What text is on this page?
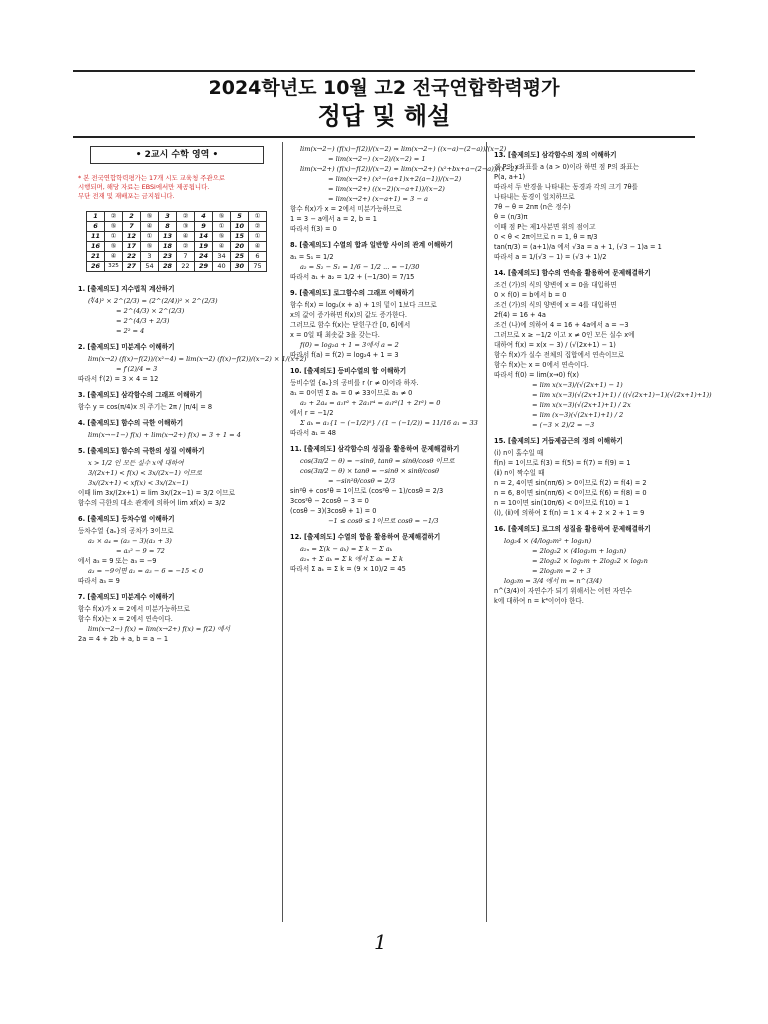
2024학년도 10월 고2 전국연합학력평가
정답 및 해설
• 2교시 수학 영역 •
* 본 전국연합학력평가는 17개 시도 교육청 주관으로
시행되며, 해당 자료는 EBSi에서만 제공됩니다.
무단 전재 및 재배포는 금지됩니다.
1	②	2	⑤	3	②	4	⑤	5	①
6	⑤	7	④	8	③	9	①	10	②
11	①	12	①	13	④	14	⑤	15	①
16	⑤	17	⑤	18	②	19	④	20	④
21	④	22	3	23	7	24	34	25	6
26	325	27	54	28	22	29	40	30	75
1. [출제의도] 지수법칙 계산하기
(∜4)² × 2^(2/3) = (2^(2/4))² × 2^(2/3)
= 2^(4/3) × 2^(2/3)
= 2^(4/3 + 2/3)
= 2² = 4
2. [출제의도] 미분계수 이해하기
lim(x→2) (f(x)−f(2))/(x²−4) = lim(x→2) (f(x)−f(2))/(x−2) × 1/(x+2)
= f′(2)/4 = 3
따라서 f′(2) = 3 × 4 = 12
3. [출제의도] 삼각함수의 그래프 이해하기
함수 y = cos(π/4)x 의 주기는 2π / |π/4| = 8
4. [출제의도] 함수의 극한 이해하기
lim(x→−1−) f(x) + lim(x→2+) f(x) = 3 + 1 = 4
5. [출제의도] 함수의 극한의 성질 이해하기
x > 1/2 인 모든 실수 x에 대하여
3/(2x+1) < f(x) < 3x/(2x−1) 이므로
3x/(2x+1) < xf(x) < 3x/(2x−1)
이때 lim 3x/(2x+1) = lim 3x/(2x−1) = 3/2 이므로
함수의 극한의 대소 관계에 의하여 lim xf(x) = 3/2
6. [출제의도] 등차수열 이해하기
등차수열 {aₙ}의 공차가 3이므로
a₂ × a₄ = (a₃ − 3)(a₃ + 3)
= a₃² − 9 = 72
에서 a₃ = 9 또는 a₃ = −9
a₃ = −9이면 a₁ = a₃ − 6 = −15 < 0
따라서 a₃ = 9
7. [출제의도] 미분계수 이해하기
함수 f(x)가 x = 2에서 미분가능하므로
함수 f(x)는 x = 2에서 연속이다.
lim(x→2−) f(x) = lim(x→2+) f(x) = f(2) 에서
2a = 4 + 2b + a, b = a − 1
lim(x→2−) (f(x)−f(2))/(x−2) = lim(x→2−) ((x−a)−(2−a))/(x−2)
= lim(x→2−) (x−2)/(x−2) = 1
lim(x→2+) (f(x)−f(2))/(x−2) = lim(x→2+) (x²+bx+a−(2−a))/(x−2)
= lim(x→2+) (x²−(a+1)x+2(a−1))/(x−2)
= lim(x→2+) ((x−2)(x−a+1))/(x−2)
= lim(x→2+) (x−a+1) = 3 − a
함수 f(x)가 x = 2에서 미분가능하므로
1 = 3 − a에서 a = 2, b = 1
따라서 f(3) = 0
8. [출제의도] 수열의 합과 일반항 사이의 관계 이해하기
a₁ = S₁ = 1/2
a₂ = S₂ − S₁ = 1/6 − 1/2 ... = −1/30
따라서 a₁ + a₂ = 1/2 + (−1/30) = 7/15
9. [출제의도] 로그함수의 그래프 이해하기
함수 f(x) = log₂(x + a) + 1의 밑이 1보다 크므로
x의 값이 증가하면 f(x)의 값도 증가한다.
그러므로 함수 f(x)는 닫힌구간 [0, 6]에서
x = 0일 때 최솟값 3을 갖는다.
f(0) = log₂a + 1 = 3에서 a = 2
따라서 f(a) = f(2) = log₂4 + 1 = 3
10. [출제의도] 등비수열의 합 이해하기
등비수열 {aₙ}의 공비를 r (r ≠ 0)이라 하자.
a₁ = 0이면 Σ aₖ = 0 ≠ 33이므로 a₁ ≠ 0
a₂ + 2a₄ = a₁r² + 2a₁r⁴ = a₁r²(1 + 2r²) = 0
에서 r = −1/2
Σ aₖ = a₁{1 − (−1/2)⁵} / (1 − (−1/2)) = 11/16 a₁ = 33
따라서 a₁ = 48
11. [출제의도] 삼각함수의 성질을 활용하여 문제해결하기
cos(3π/2 − θ) = −sinθ, tanθ = sinθ/cosθ 이므로
cos(3π/2 − θ) × tanθ = −sinθ × sinθ/cosθ
= −sin²θ/cosθ = 2/3
sin²θ + cos²θ = 1이므로 (cos²θ − 1)/cosθ = 2/3
3cos²θ − 2cosθ − 3 = 0
(cosθ − 3)(3cosθ + 1) = 0
−1 ≤ cosθ ≤ 1이므로 cosθ = −1/3
12. [출제의도] 수열의 합을 활용하여 문제해결하기
a₂ₙ = Σ(k − aₖ) = Σ k − Σ aₖ
a₂ₙ + Σ aₖ = Σ k 에서 Σ aₖ = Σ k
따라서 Σ aₖ = Σ k = (9 × 10)/2 = 45
13. [출제의도] 삼각함수의 정의 이해하기
점 P의 x좌표를 a (a > 0)이라 하면 점 P의 좌표는
P(a, a+1)
따라서 두 반경을 나타내는 동경과 각의 크기 7θ를
나타내는 동경이 일치하므로
7θ − θ = 2nπ (n은 정수)
θ = (n/3)π
이때 점 P는 제1사분면 위의 점이고
0 < θ < 2π이므로 n = 1, θ = π/3
tan(π/3) = (a+1)/a 에서 √3a = a + 1, (√3 − 1)a = 1
따라서 a = 1/(√3 − 1) = (√3 + 1)/2
14. [출제의도] 함수의 연속을 활용하여 문제해결하기
조건 (가)의 식의 양변에 x = 0을 대입하면
0 × f(0) = b에서 b = 0
조건 (가)의 식의 양변에 x = 4를 대입하면
2f(4) = 16 + 4a
조건 (나)에 의하여 4 = 16 + 4a에서 a = −3
그러므로 x ≥ −1/2 이고 x ≠ 0인 모든 실수 x에
대하여 f(x) = x(x − 3) / (√(2x+1) − 1)
함수 f(x)가 실수 전체의 집합에서 연속이므로
함수 f(x)는 x = 0에서 연속이다.
따라서 f(0) = lim(x→0) f(x)
= lim x(x−3)/(√(2x+1) − 1)
= lim x(x−3)(√(2x+1)+1) / ((√(2x+1)−1)(√(2x+1)+1))
= lim x(x−3)(√(2x+1)+1) / 2x
= lim (x−3)(√(2x+1)+1) / 2
= (−3 × 2)/2 = −3
15. [출제의도] 거듭제곱근의 정의 이해하기
(ⅰ) n이 홀수일 때
f(n) = 1이므로 f(3) = f(5) = f(7) = f(9) = 1
(ⅱ) n이 짝수일 때
n = 2, 4이면 sin(nπ/6) > 0이므로 f(2) = f(4) = 2
n = 6, 8이면 sin(nπ/6) < 0이므로 f(6) = f(8) = 0
n = 10이면 sin(10π/6) < 0이므로 f(10) = 1
(ⅰ), (ⅱ)에 의하여 Σ f(n) = 1 × 4 + 2 × 2 + 1 = 9
16. [출제의도] 로그의 성질을 활용하여 문제해결하기
log₂4 × (4/log₂m² + log₂n)
= 2log₂2 × (4log₂m + log₂n)
= 2log₂2 × log₂m + 2log₂2 × log₂n
= 2log₂m = 2 + 3
log₂m = 3/4 에서 m = n^(3/4)
n^(3/4)이 자연수가 되기 위해서는 어떤 자연수
k에 대하여 n = k⁴이어야 한다.
1
